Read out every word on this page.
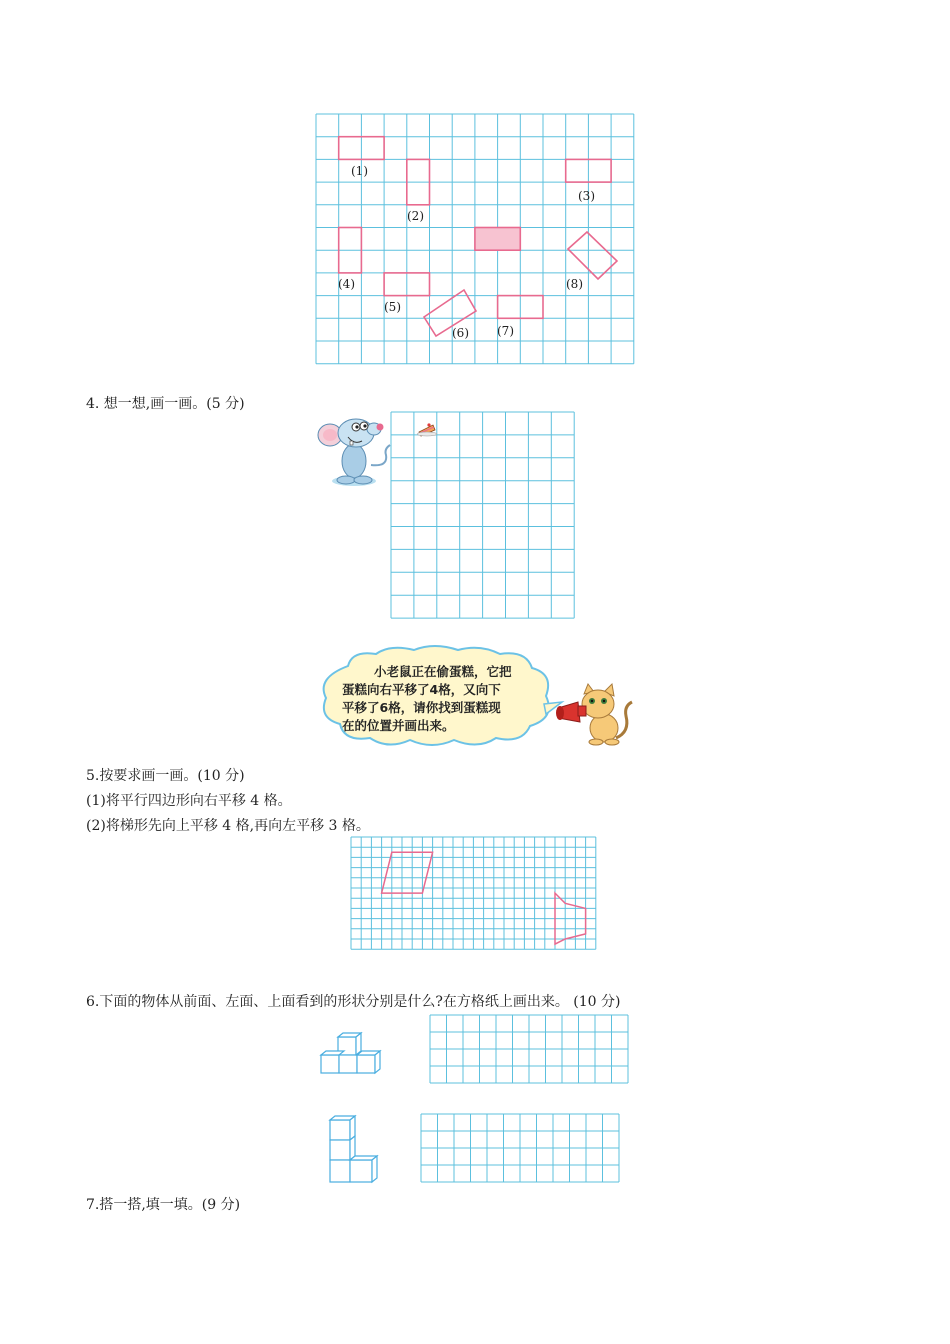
(1)
(2)
(3)
(4)
(5)
(6) (7)
(8)
4. 想一想,画一画。(5 分)
小老鼠正在偷蛋糕，它把
蛋糕向右平移了4格，又向下
平移了6格，请你找到蛋糕现
在的位置并画出来。
5.按要求画一画。(10 分)
(1)将平行四边形向右平移 4 格。
(2)将梯形先向上平移 4 格,再向左平移 3 格。
6.下面的物体从前面、左面、上面看到的形状分别是什么?在方格纸上画出来。 (10 分)
7.搭一搭,填一填。(9 分)
